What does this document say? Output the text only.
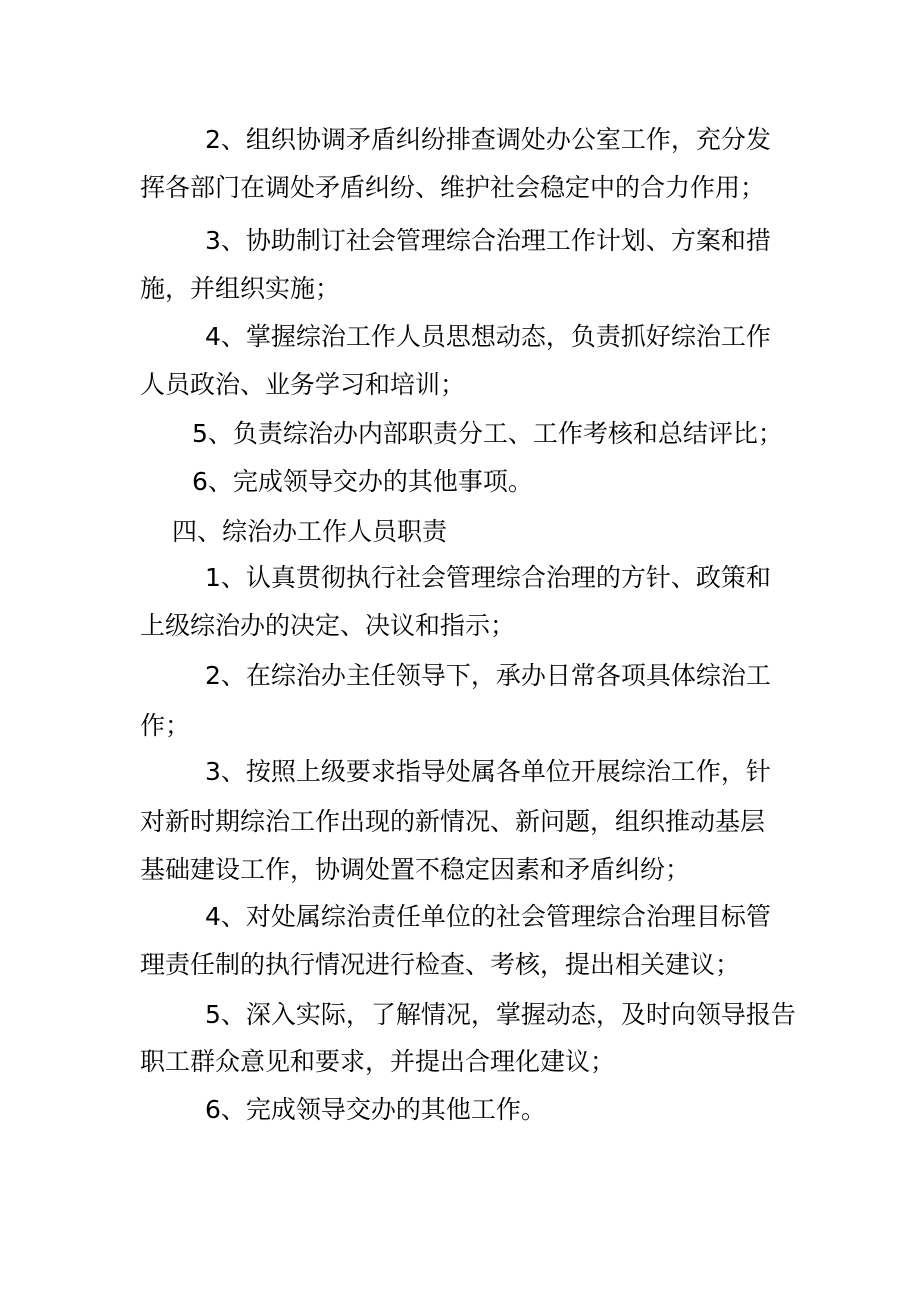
2、组织协调矛盾纠纷排查调处办公室工作，充分发
挥各部门在调处矛盾纠纷、维护社会稳定中的合力作用；
3、协助制订社会管理综合治理工作计划、方案和措
施，并组织实施；
4、掌握综治工作人员思想动态，负责抓好综治工作
人员政治、业务学习和培训；
5、负责综治办内部职责分工、工作考核和总结评比；
6、完成领导交办的其他事项。
四、综治办工作人员职责
1、认真贯彻执行社会管理综合治理的方针、政策和
上级综治办的决定、决议和指示；
2、在综治办主任领导下，承办日常各项具体综治工
作；
3、按照上级要求指导处属各单位开展综治工作，针
对新时期综治工作出现的新情况、新问题，组织推动基层
基础建设工作，协调处置不稳定因素和矛盾纠纷；
4、对处属综治责任单位的社会管理综合治理目标管
理责任制的执行情况进行检查、考核，提出相关建议；
5、深入实际，了解情况，掌握动态，及时向领导报告
职工群众意见和要求，并提出合理化建议；
6、完成领导交办的其他工作。
